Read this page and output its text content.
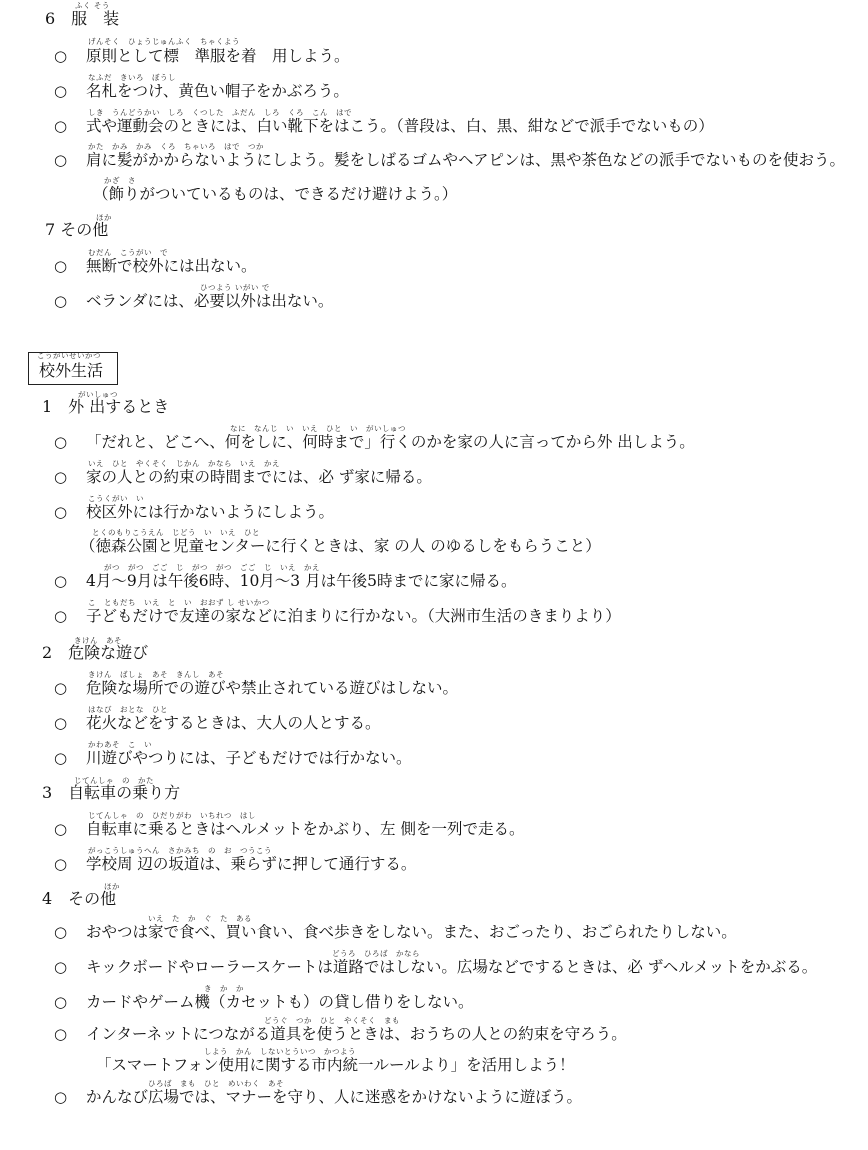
ふく そう
6　服　装
げんそく　ひょうじゅんふく　ちゃくよう
○ 原則として標　準服を着　用しよう。
なふだ　きいろ　ぼうし
○ 名札をつけ、黄色い帽子をかぶろう。
しき　うんどうかい　しろ　くつした　ふだん　しろ　くろ　こん　はで
○ 式や運動会のときには、白い靴下をはこう。（普段は、白、黒、紺などで派手でないもの）
かた　かみ　かみ　くろ　ちゃいろ　はで　つか
○ 肩に髪がかからないようにしよう。髪をしばるゴムやヘアピンは、黒や茶色などの派手でないものを使おう。
かざ　さ
（飾りがついているものは、できるだけ避けよう。）
ほか
7 その他
むだん　こうがい　で
○ 無断で校外には出ない。
ひつよう いがい で
○ ベランダには、必要以外は出ない。
こうがいせいかつ
校外生活
がいしゅつ
1　外 出するとき
なに　なんじ　い　いえ　ひと　い　がいしゅつ
○ 「だれと、どこへ、何をしに、何時まで」行くのかを家の人に言ってから外 出しよう。
いえ　ひと　やくそく　じかん　かなら　いえ　かえ
○ 家の人との約束の時間までには、必 ず家に帰る。
こうくがい　い
○ 校区外には行かないようにしよう。
とくのもりこうえん　じどう　い　いえ　ひと
（徳森公園と児童センターに行くときは、家 の人 のゆるしをもらうこと）
がつ　がつ　ごご　じ　がつ　がつ　ごご　じ　いえ　かえ
○ 4月～9月は午後6時、10月～3 月は午後5時までに家に帰る。
こ　ともだち　いえ　と　い　おおず し せいかつ
○ 子どもだけで友達の家などに泊まりに行かない。（大洲市生活のきまりより）
きけん　あそ
2　危険な遊び
きけん　ばしょ　あそ　きんし　あそ
○ 危険な場所での遊びや禁止されている遊びはしない。
はなび　おとな　ひと
○ 花火などをするときは、大人の人とする。
かわあそ　こ　い
○ 川遊びやつりには、子どもだけでは行かない。
じてんしゃ　の　かた
3　自転車の乗り方
じてんしゃ　の　ひだりがわ　いちれつ　はし
○ 自転車に乗るときはヘルメットをかぶり、左 側を一列で走る。
がっこうしゅうへん　さかみち　の　お　つうこう
○ 学校周 辺の坂道は、乗らずに押して通行する。
ほか
4　その他
いえ　た　か　ぐ　た　ある
○ おやつは家で食べ、買い食い、食べ歩きをしない。また、おごったり、おごられたりしない。
どうろ　ひろば　かなら
○ キックボードやローラースケートは道路ではしない。広場などでするときは、必 ずヘルメットをかぶる。
き　か　か
○ カードやゲーム機（カセットも）の貸し借りをしない。
どうぐ　つか　ひと　やくそく　まも
○ インターネットにつながる道具を使うときは、おうちの人との約束を守ろう。
しよう　かん　しないとういつ　かつよう
「スマートフォン使用に関する市内統一ルールより」を活用しよう！
ひろば　まも　ひと　めいわく　あそ
○ かんなび広場では、マナーを守り、人に迷惑をかけないように遊ぼう。
